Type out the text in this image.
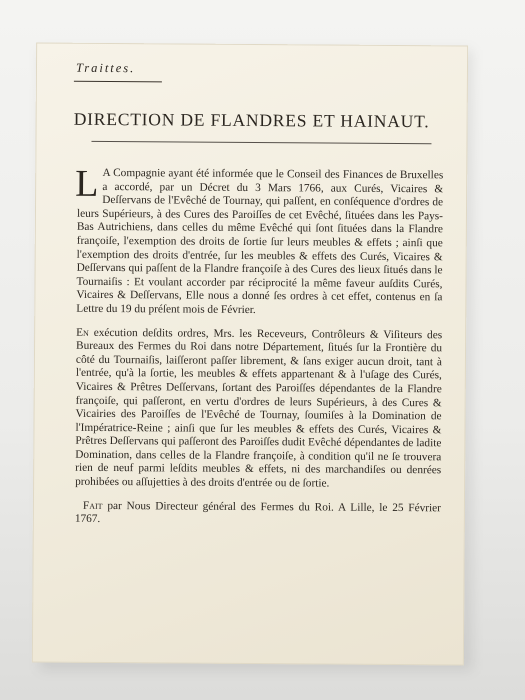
Traittes.
DIRECTION DE FLANDRES ET HAINAUT.

L A Compagnie ayant été informée que le Conseil des Finances de Bruxelles a accordé, par un Décret du 3 Mars 1766, aux Curés, Vicaires & Deſſervans de l'Evêché de Tournay, qui paſſent, en conſéquence d'ordres de leurs Supérieurs, à des Cures des Paroiſſes de cet Evêché, ſituées dans les Pays-Bas Autrichiens, dans celles du même Evêché qui ſont ſituées dans la Flandre françoiſe, l'exemption des droits de ſortie ſur leurs meubles & effets ; ainſi que l'exemption des droits d'entrée, ſur les meubles & effets des Curés, Vicaires & Deſſervans qui paſſent de la Flandre françoiſe à des Cures des lieux ſitués dans le Tournaiſis : Et voulant accorder par réciprocité la même faveur auſdits Curés, Vicaires & Deſſervans, Elle nous a donné ſes ordres à cet effet, contenus en ſa Lettre du 19 du préſent mois de Février.

En exécution deſdits ordres, Mrs. les Receveurs, Contrôleurs & Viſiteurs des Bureaux des Fermes du Roi dans notre Département, ſitués ſur la Frontière du côté du Tournaiſis, laiſſeront paſſer librement, & ſans exiger aucun droit, tant à l'entrée, qu'à la ſortie, les meubles & effets appartenant & à l'uſage des Curés, Vicaires & Prêtres Deſſervans, ſortant des Paroiſſes dépendantes de la Flandre françoiſe, qui paſſeront, en vertu d'ordres de leurs Supérieurs, à des Cures & Vicairies des Paroiſſes de l'Evêché de Tournay, ſoumiſes à la Domination de l'Impératrice-Reine ; ainſi que ſur les meubles & effets des Curés, Vicaires & Prêtres Deſſervans qui paſſeront des Paroiſſes dudit Evêché dépendantes de ladite Domination, dans celles de la Flandre françoiſe, à condition qu'il ne ſe trouvera rien de neuf parmi leſdits meubles & effets, ni des marchandiſes ou denrées prohibées ou aſſujetties à des droits d'entrée ou de ſortie.

Fait par Nous Directeur général des Fermes du Roi. A Lille, le 25 Février 1767.
